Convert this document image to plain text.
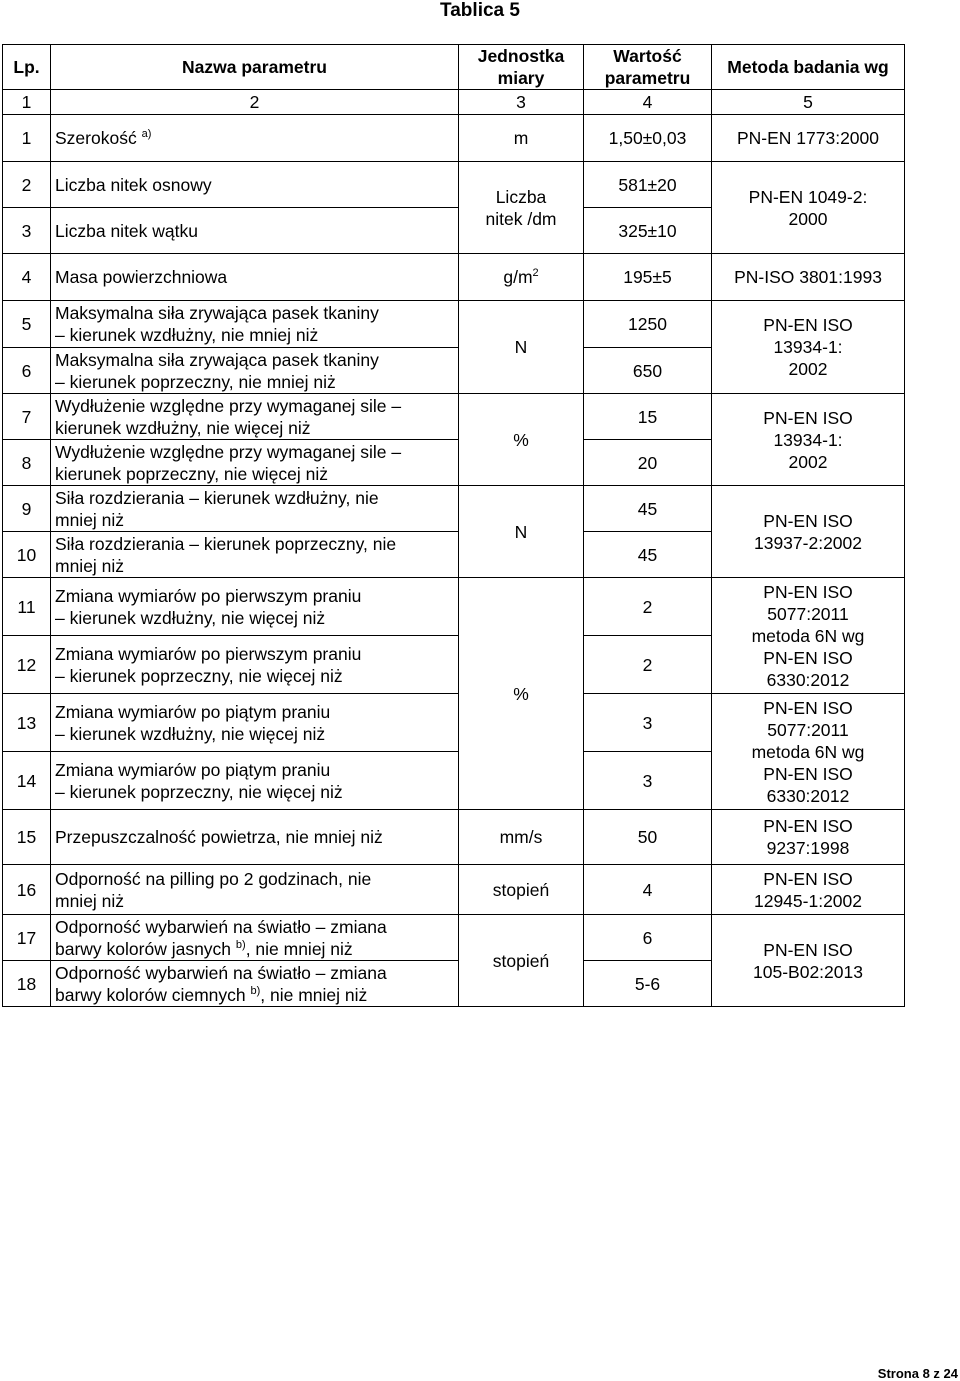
Tablica 5
Lp.	Nazwa parametru	Jednostka miary	Wartość parametru	Metoda badania wg
1	2	3	4	5
1	Szerokość $^{a)}$	m	1,50±0,03	PN-EN 1773:2000
2	Liczba nitek osnowy	Liczba nitek /dm	581±20	PN-EN 1049-2: 2000
3	Liczba nitek wątku		325±10	
4	Masa powierzchniowa	$g/m^2$	195±5	PN-ISO 3801:1993
5	Maksymalna siła zrywająca pasek tkaniny
– kierunek wzdłużny, nie mniej niż	N	1250	PN-EN ISO 13934-1: 2002
6	Maksymalna siła zrywająca pasek tkaniny
– kierunek poprzeczny, nie mniej niż		650	
7	Wydłużenie względne przy wymaganej sile –
kierunek wzdłużny, nie więcej niż	%	15	PN-EN ISO 13934-1: 2002
8	Wydłużenie względne przy wymaganej sile –
kierunek poprzeczny, nie więcej niż		20	
9	Siła rozdzierania – kierunek wzdłużny, nie
mniej niż	N	45	PN-EN ISO 13937-2:2002
10	Siła rozdzierania – kierunek poprzeczny, nie
mniej niż		45	
11	Zmiana wymiarów po pierwszym praniu
– kierunek wzdłużny, nie więcej niż	%	2	PN-EN ISO 5077:2011 metoda 6N wg PN-EN ISO 6330:2012
12	Zmiana wymiarów po pierwszym praniu
– kierunek poprzeczny, nie więcej niż		2	
13	Zmiana wymiarów po piątym praniu
– kierunek wzdłużny, nie więcej niż		3	PN-EN ISO 5077:2011 metoda 6N wg PN-EN ISO 6330:2012
14	Zmiana wymiarów po piątym praniu
– kierunek poprzeczny, nie więcej niż		3	
15	Przepuszczalność powietrza, nie mniej niż	mm/s	50	PN-EN ISO 9237:1998
16	Odporność na pilling po 2 godzinach, nie
mniej niż	stopień	4	PN-EN ISO 12945-1:2002
17	Odporność wybarwień na światło – zmiana
barwy kolorów jasnych $^{b)}$, nie mniej niż	stopień	6	PN-EN ISO 105-B02:2013
18	Odporność wybarwień na światło – zmiana
barwy kolorów ciemnych $^{b)}$, nie mniej niż		5-6	
Strona 8 z 24
